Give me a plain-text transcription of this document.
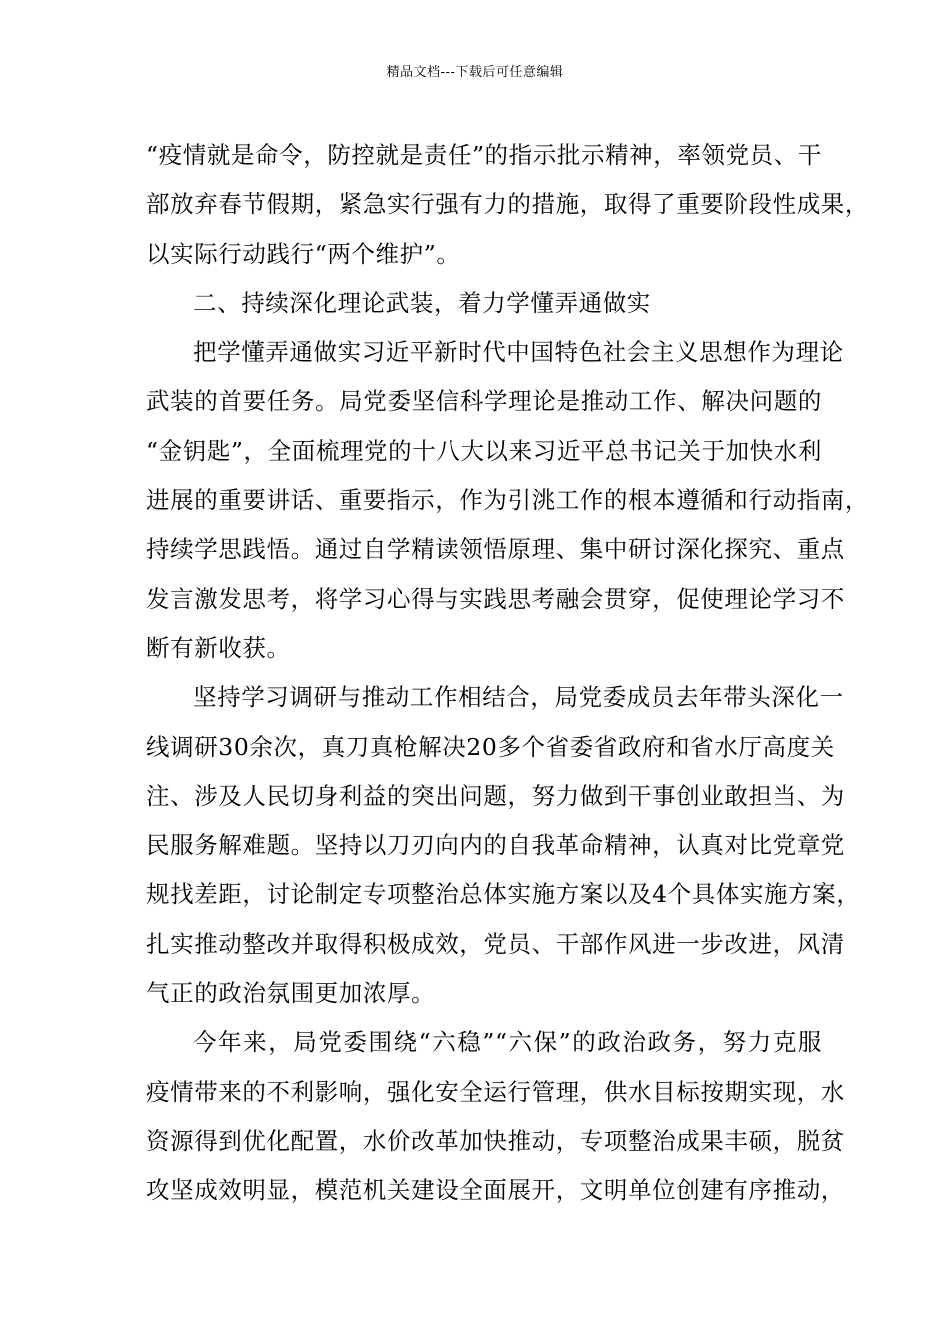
精品文档---下载后可任意编辑
“疫情就是命令，防控就是责任”的指示批示精神，率领党员、干
部放弃春节假期，紧急实行强有力的措施，取得了重要阶段性成果，
以实际行动践行“两个维护”。
二、持续深化理论武装，着力学懂弄通做实
把学懂弄通做实习近平新时代中国特色社会主义思想作为理论
武装的首要任务。局党委坚信科学理论是推动工作、解决问题的
“金钥匙”，全面梳理党的十八大以来习近平总书记关于加快水利
进展的重要讲话、重要指示，作为引洮工作的根本遵循和行动指南，
持续学思践悟。通过自学精读领悟原理、集中研讨深化探究、重点
发言激发思考，将学习心得与实践思考融会贯穿，促使理论学习不
断有新收获。
坚持学习调研与推动工作相结合，局党委成员去年带头深化一
线调研30余次，真刀真枪解决20多个省委省政府和省水厅高度关
注、涉及人民切身利益的突出问题，努力做到干事创业敢担当、为
民服务解难题。坚持以刀刃向内的自我革命精神，认真对比党章党
规找差距，讨论制定专项整治总体实施方案以及4个具体实施方案，
扎实推动整改并取得积极成效，党员、干部作风进一步改进，风清
气正的政治氛围更加浓厚。
今年来，局党委围绕“六稳”“六保”的政治政务，努力克服
疫情带来的不利影响，强化安全运行管理，供水目标按期实现，水
资源得到优化配置，水价改革加快推动，专项整治成果丰硕，脱贫
攻坚成效明显，模范机关建设全面展开，文明单位创建有序推动，
